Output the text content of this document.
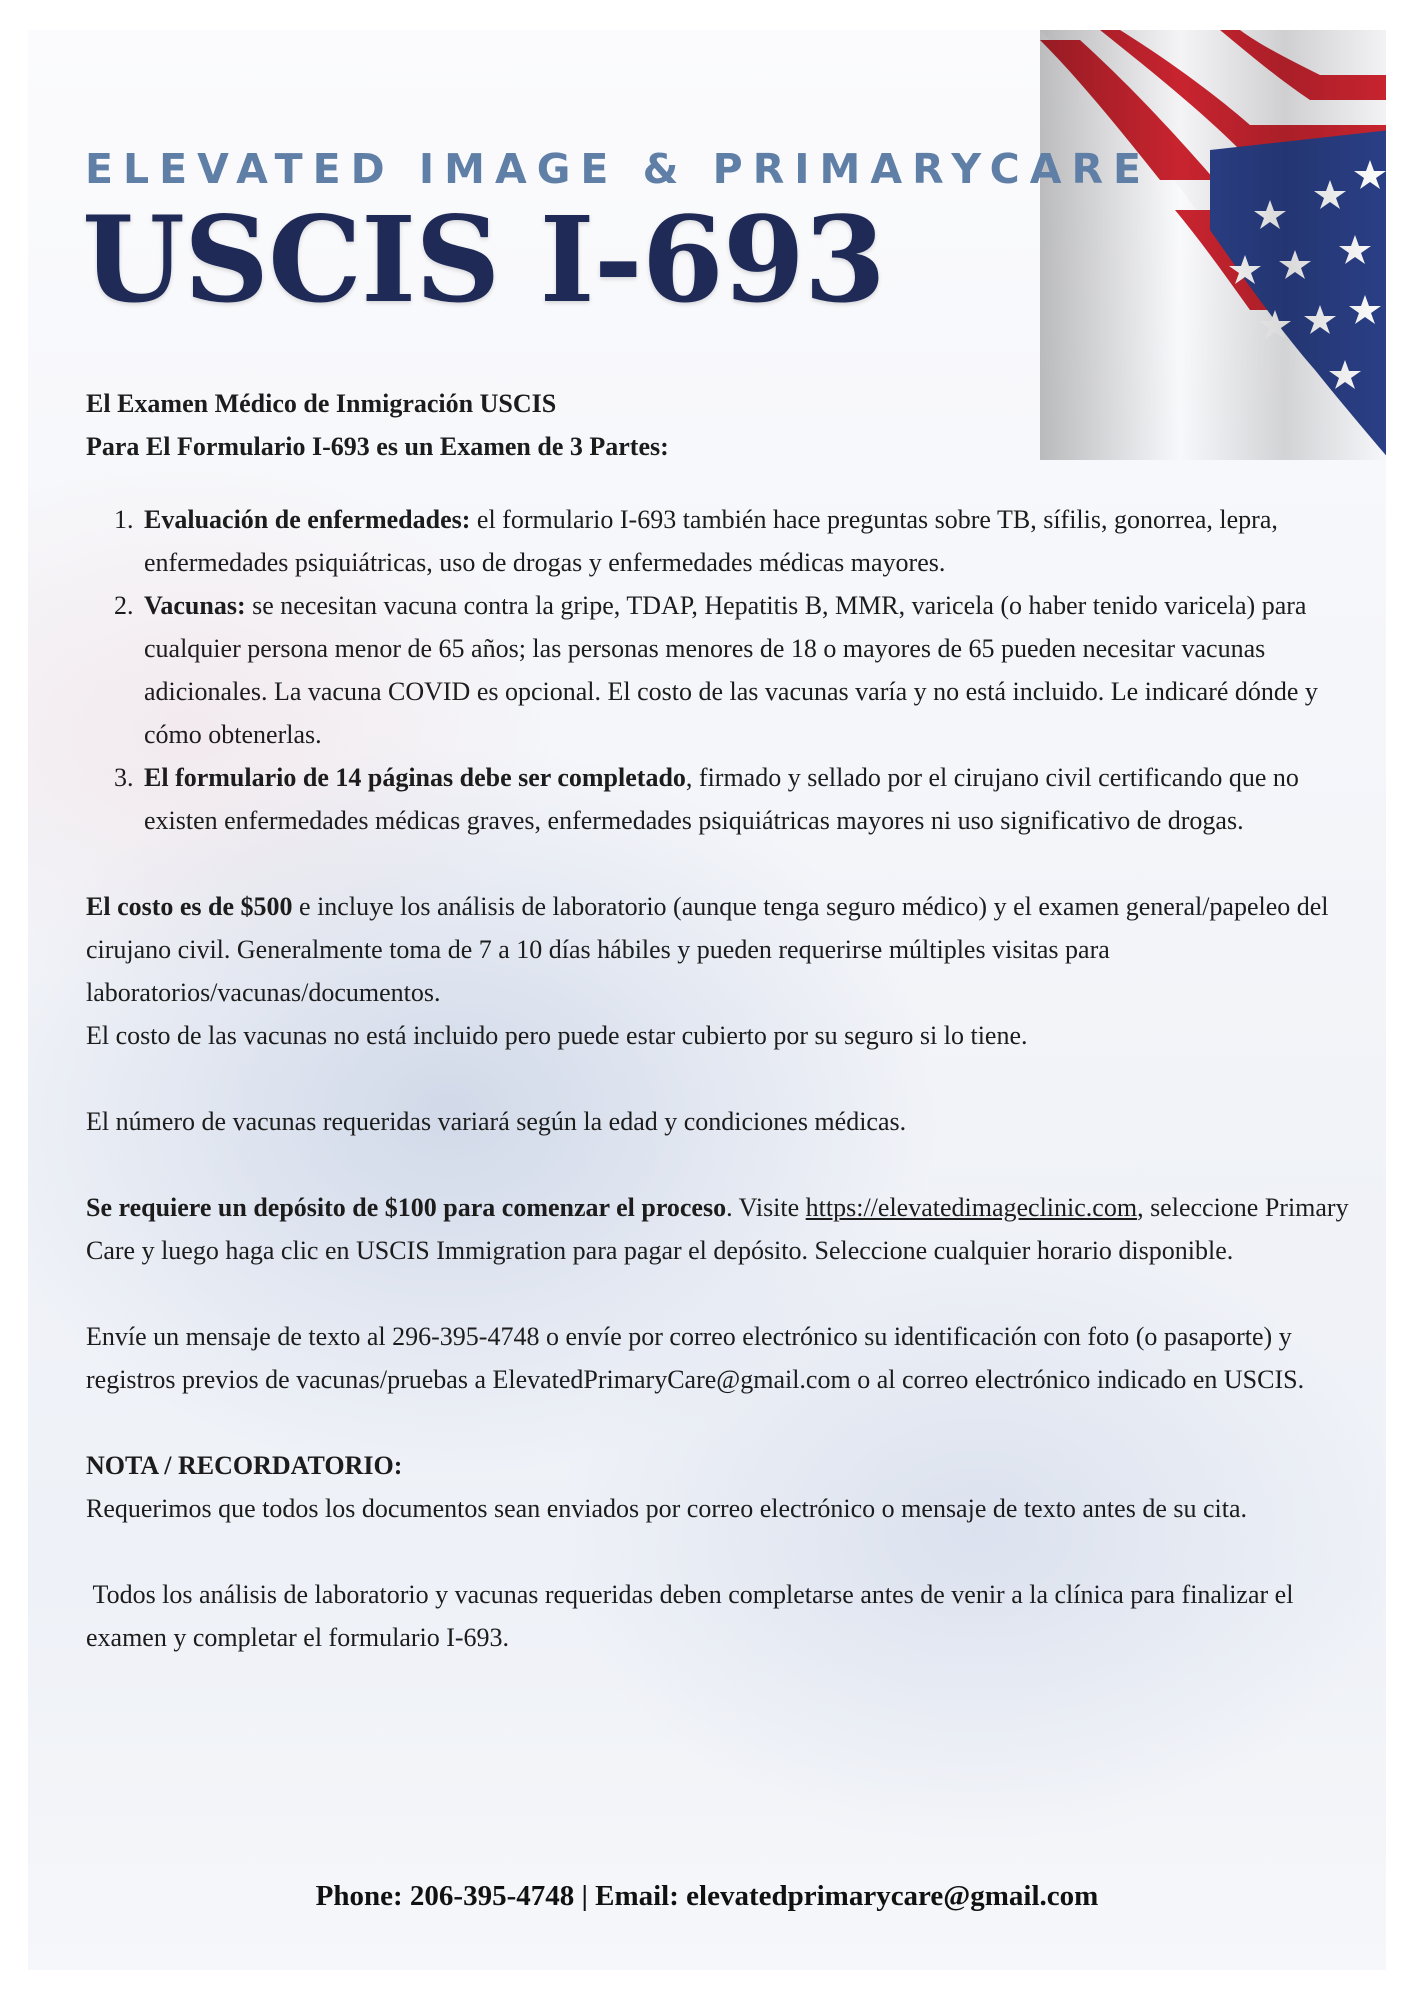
ELEVATED IMAGE & PRIMARYCARE
USCIS I-693

El Examen Médico de Inmigración USCIS

Para El Formulario I-693 es un Examen de 3 Partes:

1. Evaluación de enfermedades: el formulario I-693 también hace preguntas sobre TB, sífilis, gonorrea, lepra, enfermedades psiquiátricas, uso de drogas y enfermedades médicas mayores.
2. Vacunas: se necesitan vacuna contra la gripe, TDAP, Hepatitis B, MMR, varicela (o haber tenido varicela) para cualquier persona menor de 65 años; las personas menores de 18 o mayores de 65 pueden necesitar vacunas adicionales. La vacuna COVID es opcional. El costo de las vacunas varía y no está incluido. Le indicaré dónde y cómo obtenerlas.
3. El formulario de 14 páginas debe ser completado, firmado y sellado por el cirujano civil certificando que no existen enfermedades médicas graves, enfermedades psiquiátricas mayores ni uso significativo de drogas.

El costo es de $500 e incluye los análisis de laboratorio (aunque tenga seguro médico) y el examen general/papeleo del cirujano civil. Generalmente toma de 7 a 10 días hábiles y pueden requerirse múltiples visitas para laboratorios/vacunas/documentos.

El costo de las vacunas no está incluido pero puede estar cubierto por su seguro si lo tiene.

El número de vacunas requeridas variará según la edad y condiciones médicas.

Se requiere un depósito de $100 para comenzar el proceso. Visite https://elevatedimageclinic.com, seleccione Primary Care y luego haga clic en USCIS Immigration para pagar el depósito. Seleccione cualquier horario disponible.

Envíe un mensaje de texto al 296-395-4748 o envíe por correo electrónico su identificación con foto (o pasaporte) y registros previos de vacunas/pruebas a ElevatedPrimaryCare@gmail.com o al correo electrónico indicado en USCIS.

NOTA / RECORDATORIO:

Requerimos que todos los documentos sean enviados por correo electrónico o mensaje de texto antes de su cita.

Todos los análisis de laboratorio y vacunas requeridas deben completarse antes de venir a la clínica para finalizar el examen y completar el formulario I-693.

Phone: 206-395-4748 | Email: elevatedprimarycare@gmail.com
